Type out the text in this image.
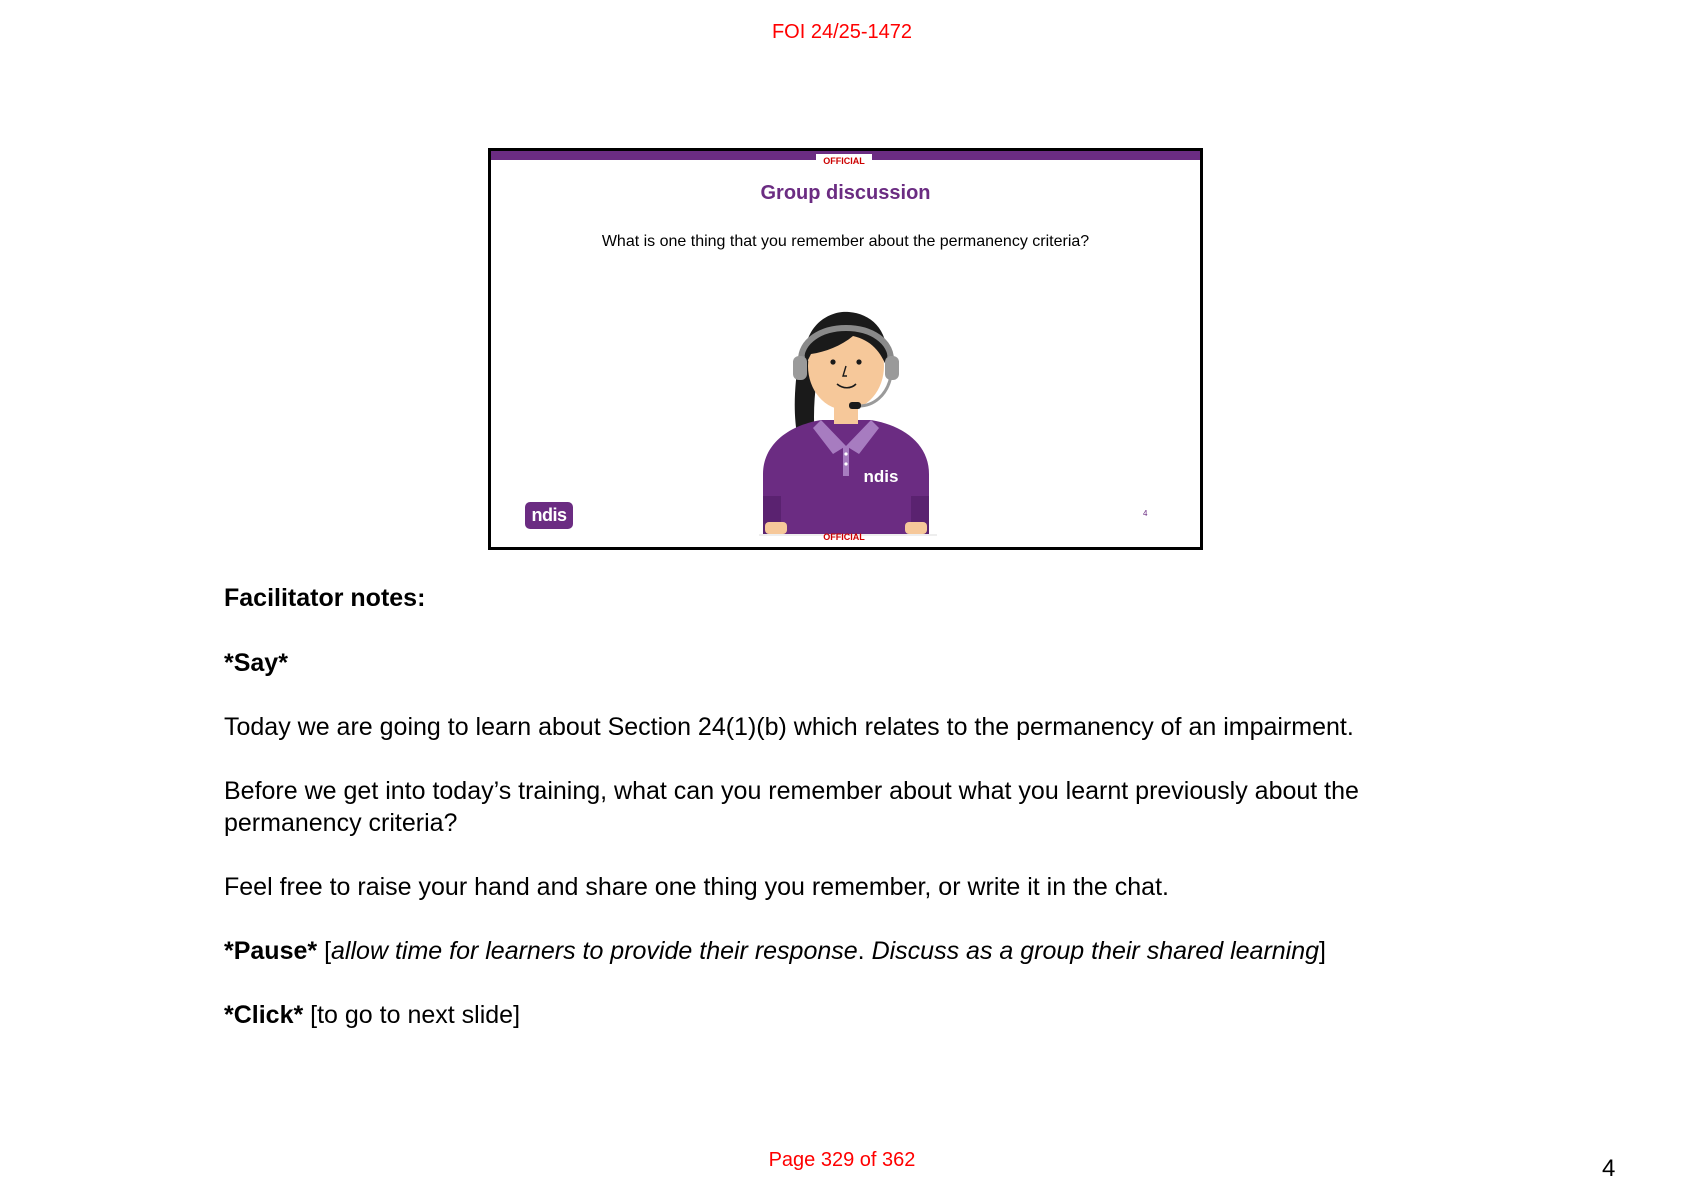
FOI 24/25-1472
OFFICIAL
Group discussion
What is one thing that you remember about the permanency criteria?
ndis
ndis	4
OFFICIAL

Facilitator notes:

*Say*

Today we are going to learn about Section 24(1)(b) which relates to the permanency of an impairment.

Before we get into today’s training, what can you remember about what you learnt previously about the

permanency criteria?

Feel free to raise your hand and share one thing you remember, or write it in the chat.

*Pause* [allow time for learners to provide their response. Discuss as a group their shared learning]

*Click* [to go to next slide]

Page 329 of 362	4
